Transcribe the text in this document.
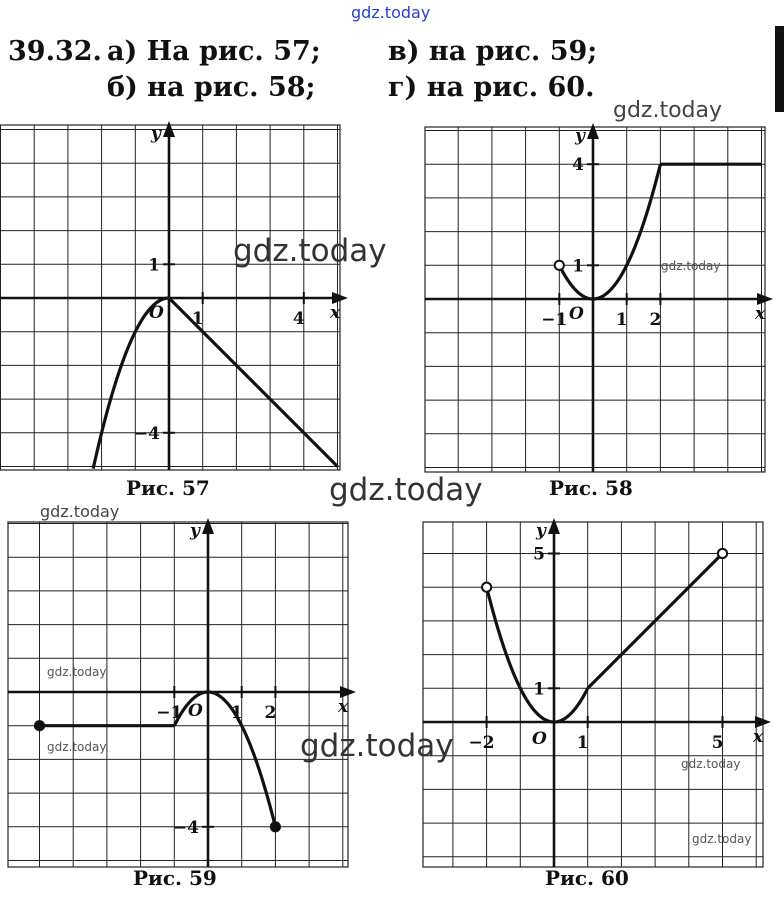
39.32. а) На рис. 57;
б) на рис. 58;
в) на рис. 59;
г) на рис. 60.
x
y
O 1	4
1
−4
x
y
O
−1	1 2
1
4
x
y
O
−1	1 2
−4
x
y
O
−2	1	5
1
5
Рис. 57	Рис. 58
Рис. 59	Рис. 60
gdz.today
gdz.today
gdz.today	gdz.today
gdz.today
gdz.today
gdz.today
gdz.today	gdz.today	gdz.today
gdz.today
